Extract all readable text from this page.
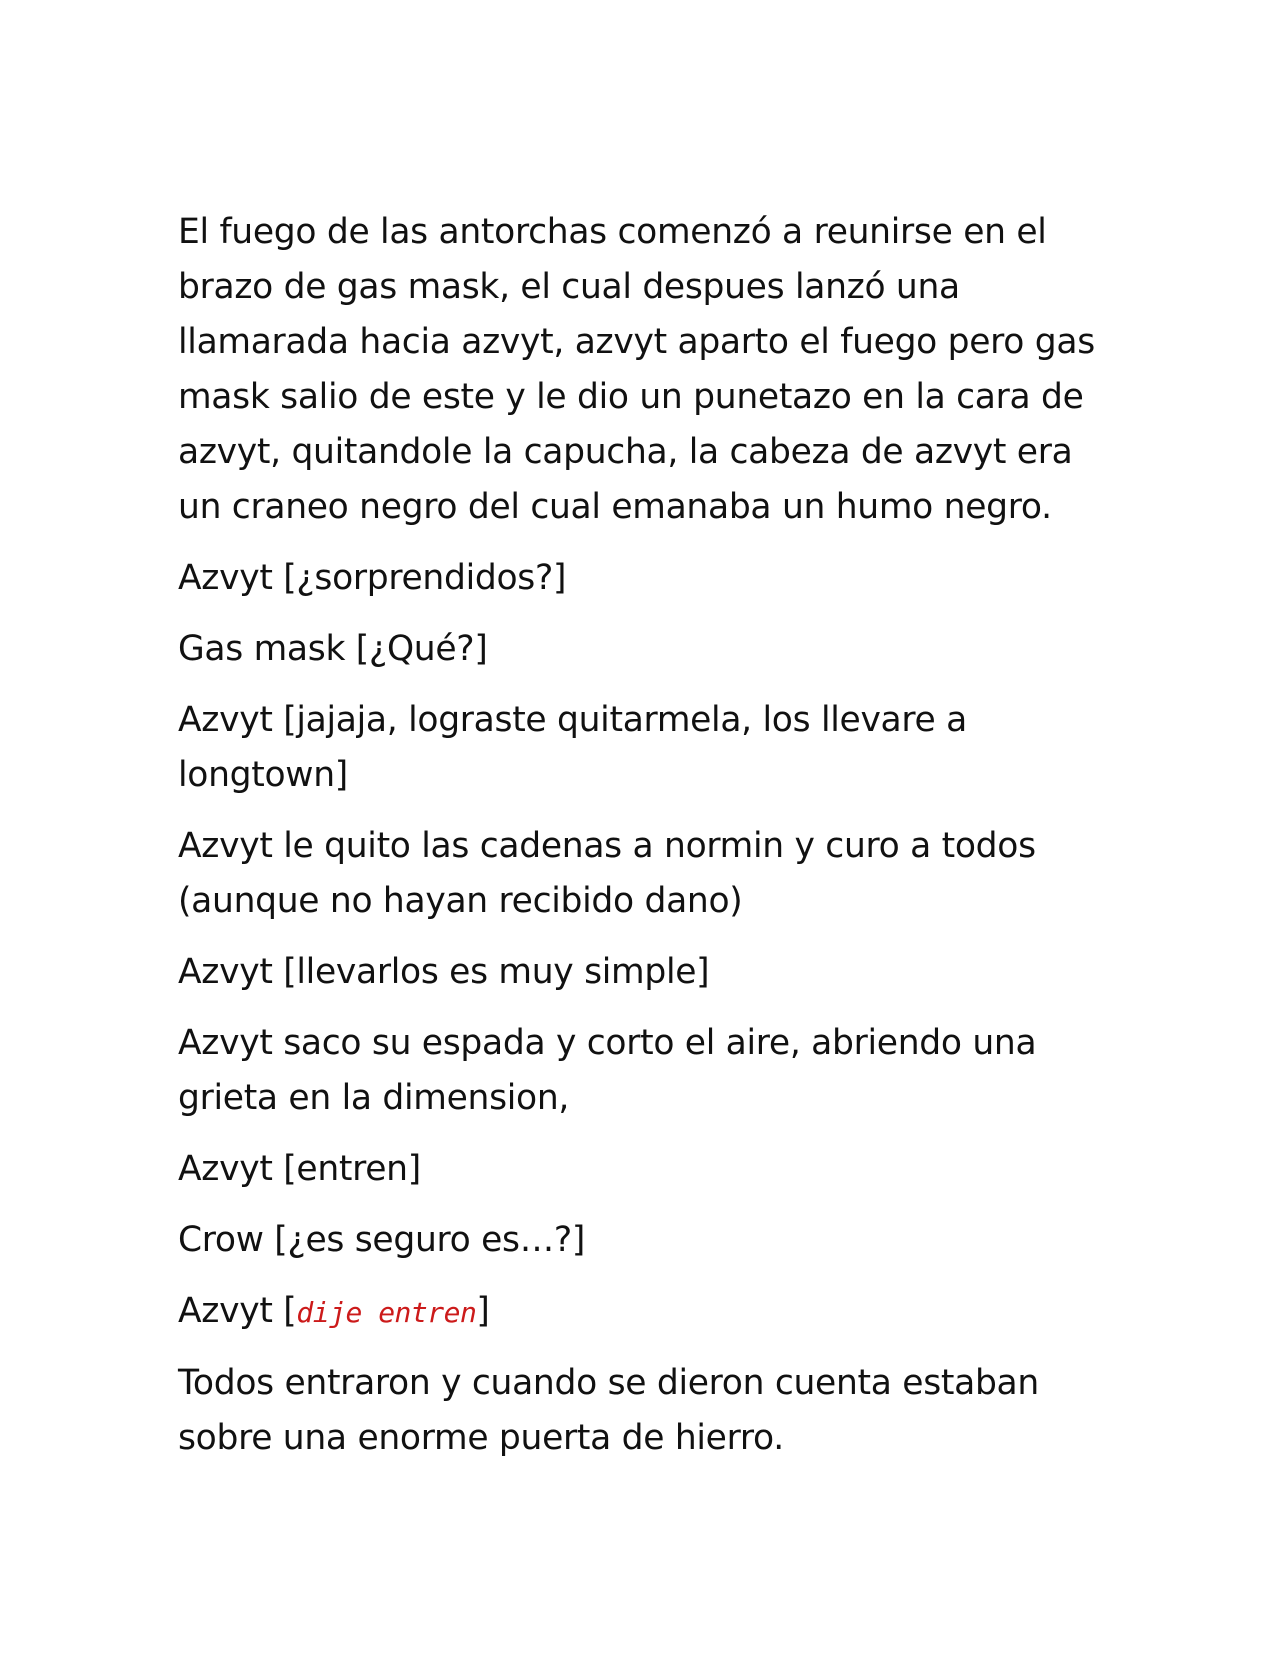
El fuego de las antorchas comenzó a reunirse en el brazo de gas mask, el cual despues lanzó una llamarada hacia azvyt, azvyt aparto el fuego pero gas mask salio de este y le dio un punetazo en la cara de azvyt, quitandole la capucha, la cabeza de azvyt era un craneo negro del cual emanaba un humo negro.

Azvyt [¿sorprendidos?]

Gas mask [¿Qué?]

Azvyt [jajaja, lograste quitarmela, los llevare a longtown]

Azvyt le quito las cadenas a normin y curo a todos (aunque no hayan recibido dano)

Azvyt [llevarlos es muy simple]

Azvyt saco su espada y corto el aire, abriendo una grieta en la dimension,

Azvyt [entren]

Crow [¿es seguro es…?]

Azvyt [dije entren]

Todos entraron y cuando se dieron cuenta estaban sobre una enorme puerta de hierro.
